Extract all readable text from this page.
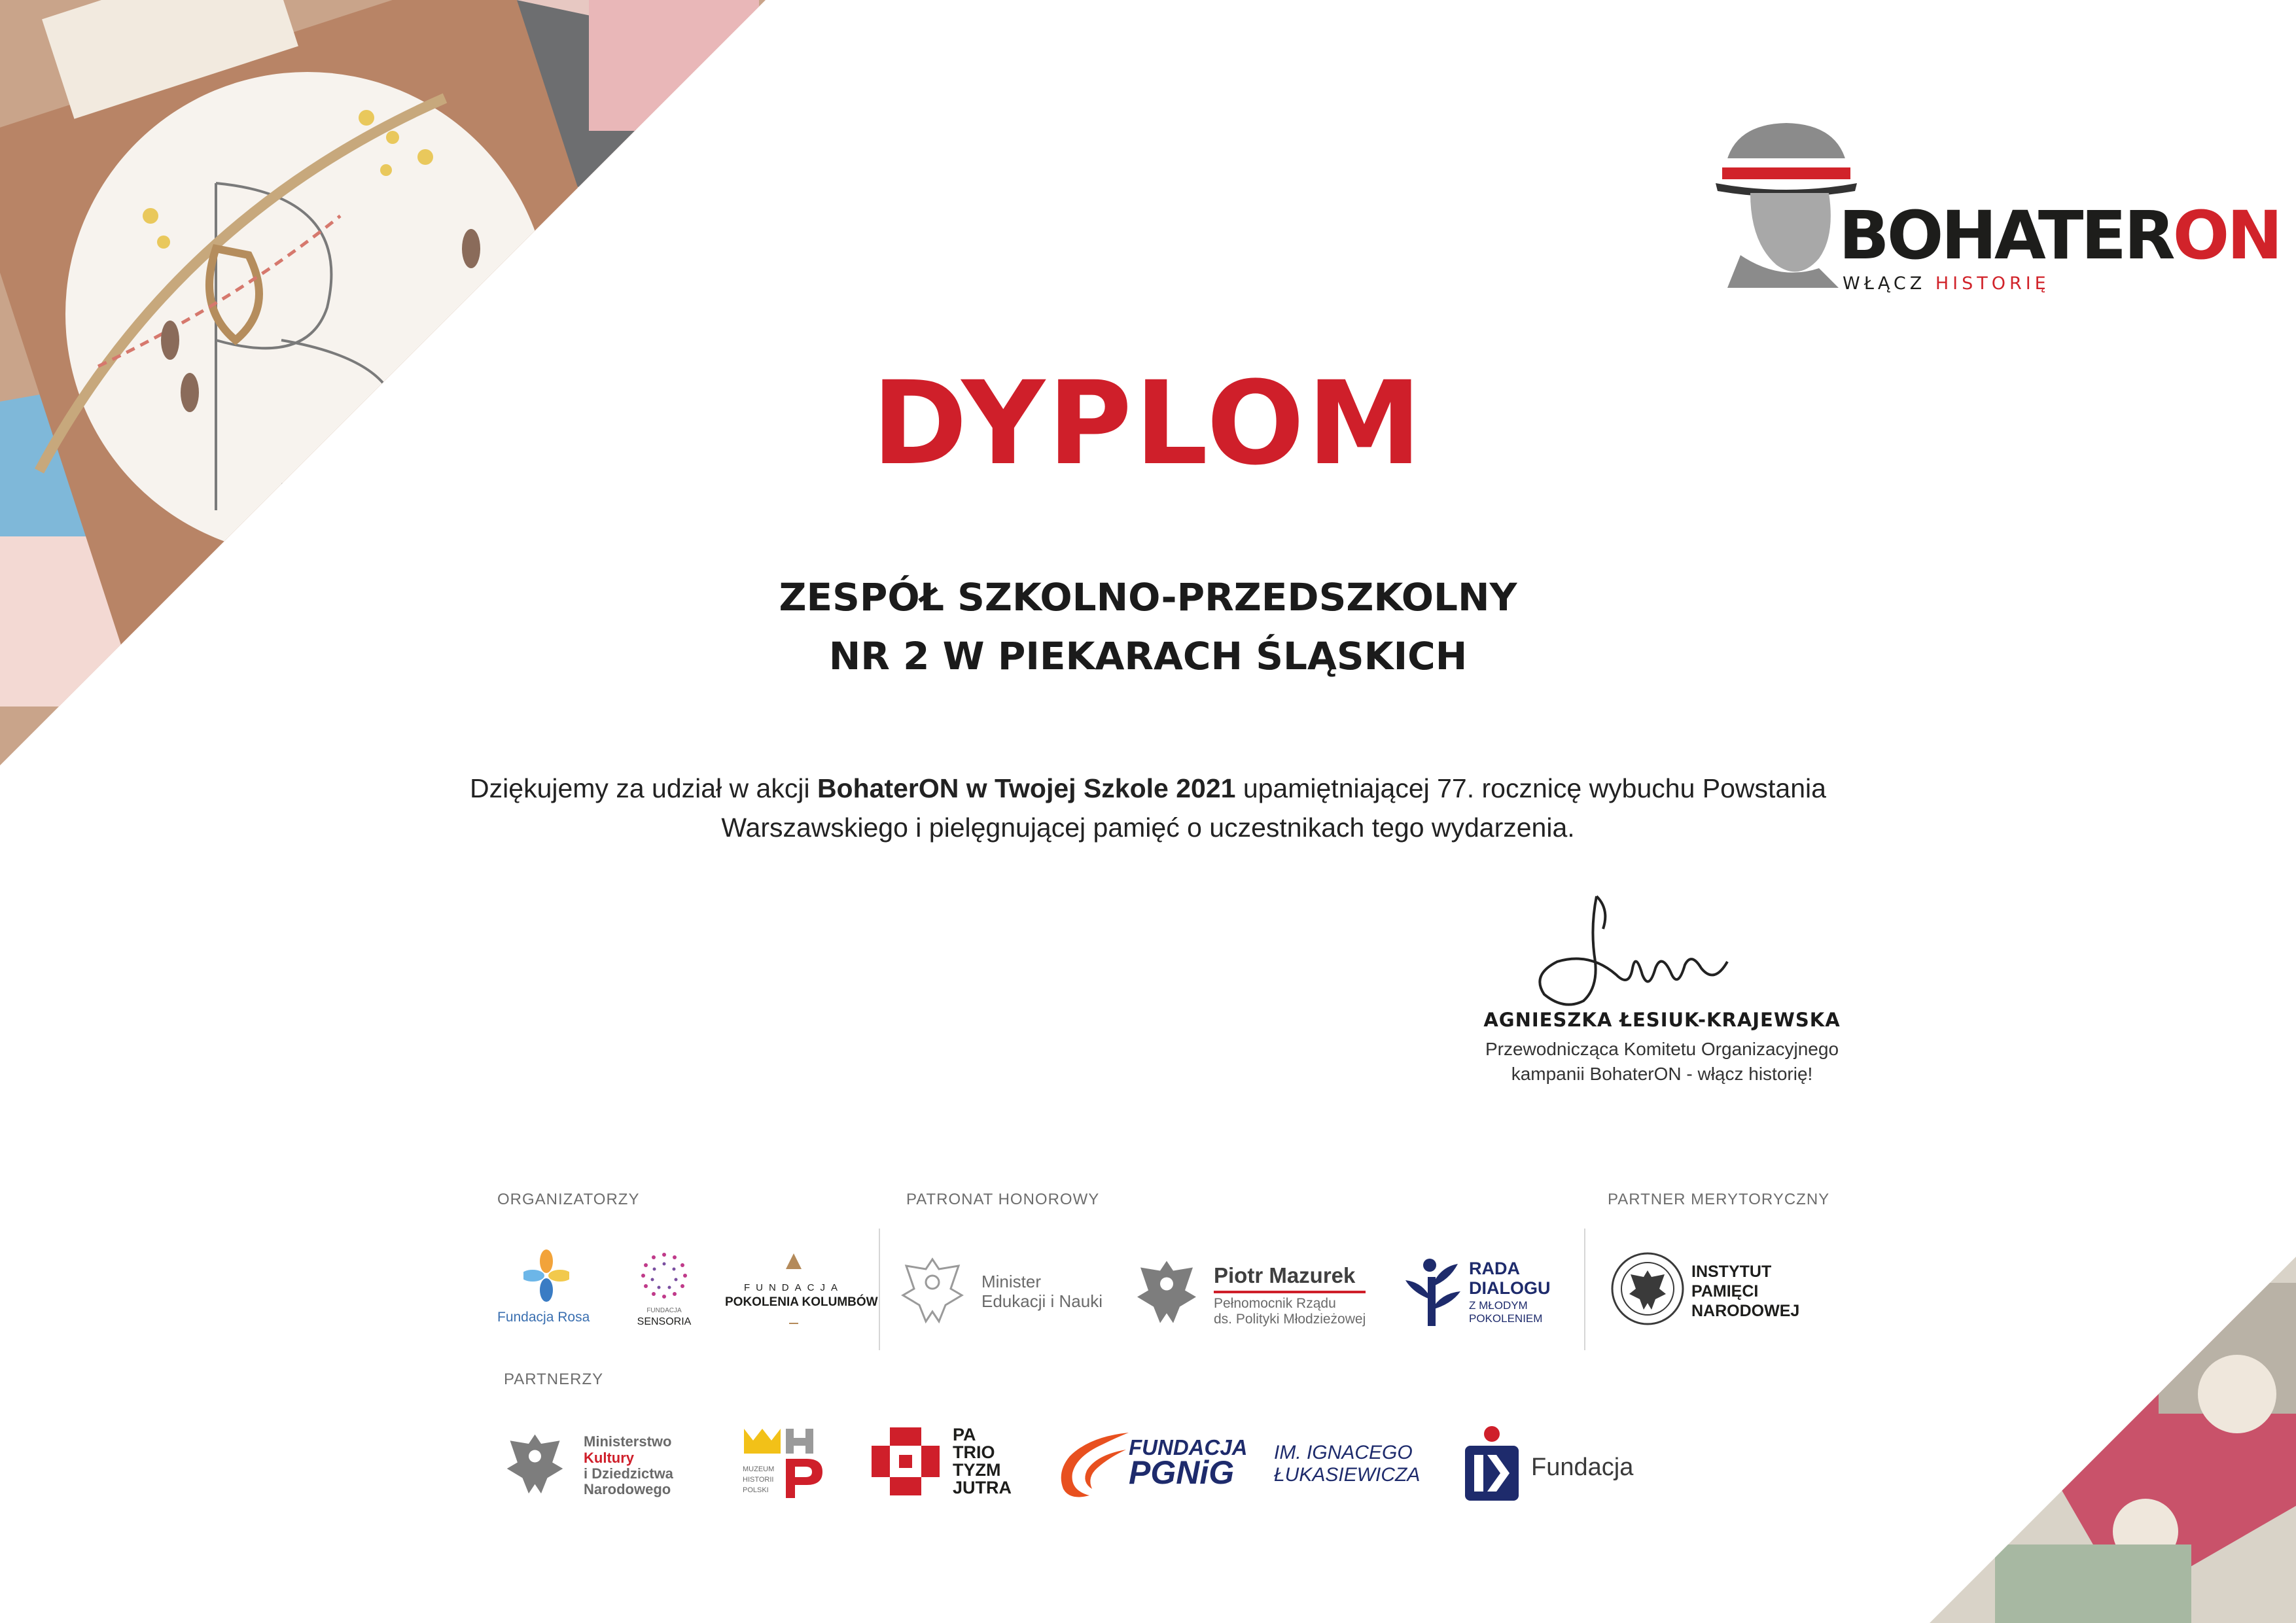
BOHATERON
WŁĄCZ HISTORIĘ
DYPLOM
ZESPÓŁ SZKOLNO-PRZEDSZKOLNY
NR 2 W PIEKARACH ŚLĄSKICH
Dziękujemy za udział w akcji BohaterON w Twojej Szkole 2021 upamiętniającej 77. rocznicę wybuchu Powstania
Warszawskiego i pielęgnującej pamięć o uczestnikach tego wydarzenia.
AGNIESZKA ŁESIUK-KRAJEWSKA
Przewodnicząca Komitetu Organizacyjnego
kampanii BohaterON - włącz historię!
ORGANIZATORZY	PATRONAT HONOROWY	PARTNER MERYTORYCZNY
PARTNERZY
Fundacja Rosa	FUNDACJA
SENSORIA
FUNDACJA
POKOLENIA KOLUMBÓW
Minister
Edukacji i Nauki
Piotr Mazurek
Pełnomocnik Rządu
ds. Polityki Młodzieżowej
RADA
DIALOGU
Z MŁODYM
POKOLENIEM
INSTYTUT
PAMIĘCI
NARODOWEJ
Ministerstwo
Kultury
i Dziedzictwa
Narodowego
MUZEUM
HISTORII
POLSKI
PA
TRIO
TYZM
JUTRA
FUNDACJA
PGNiG
IM. IGNACEGO
ŁUKASIEWICZA	Fundacja
